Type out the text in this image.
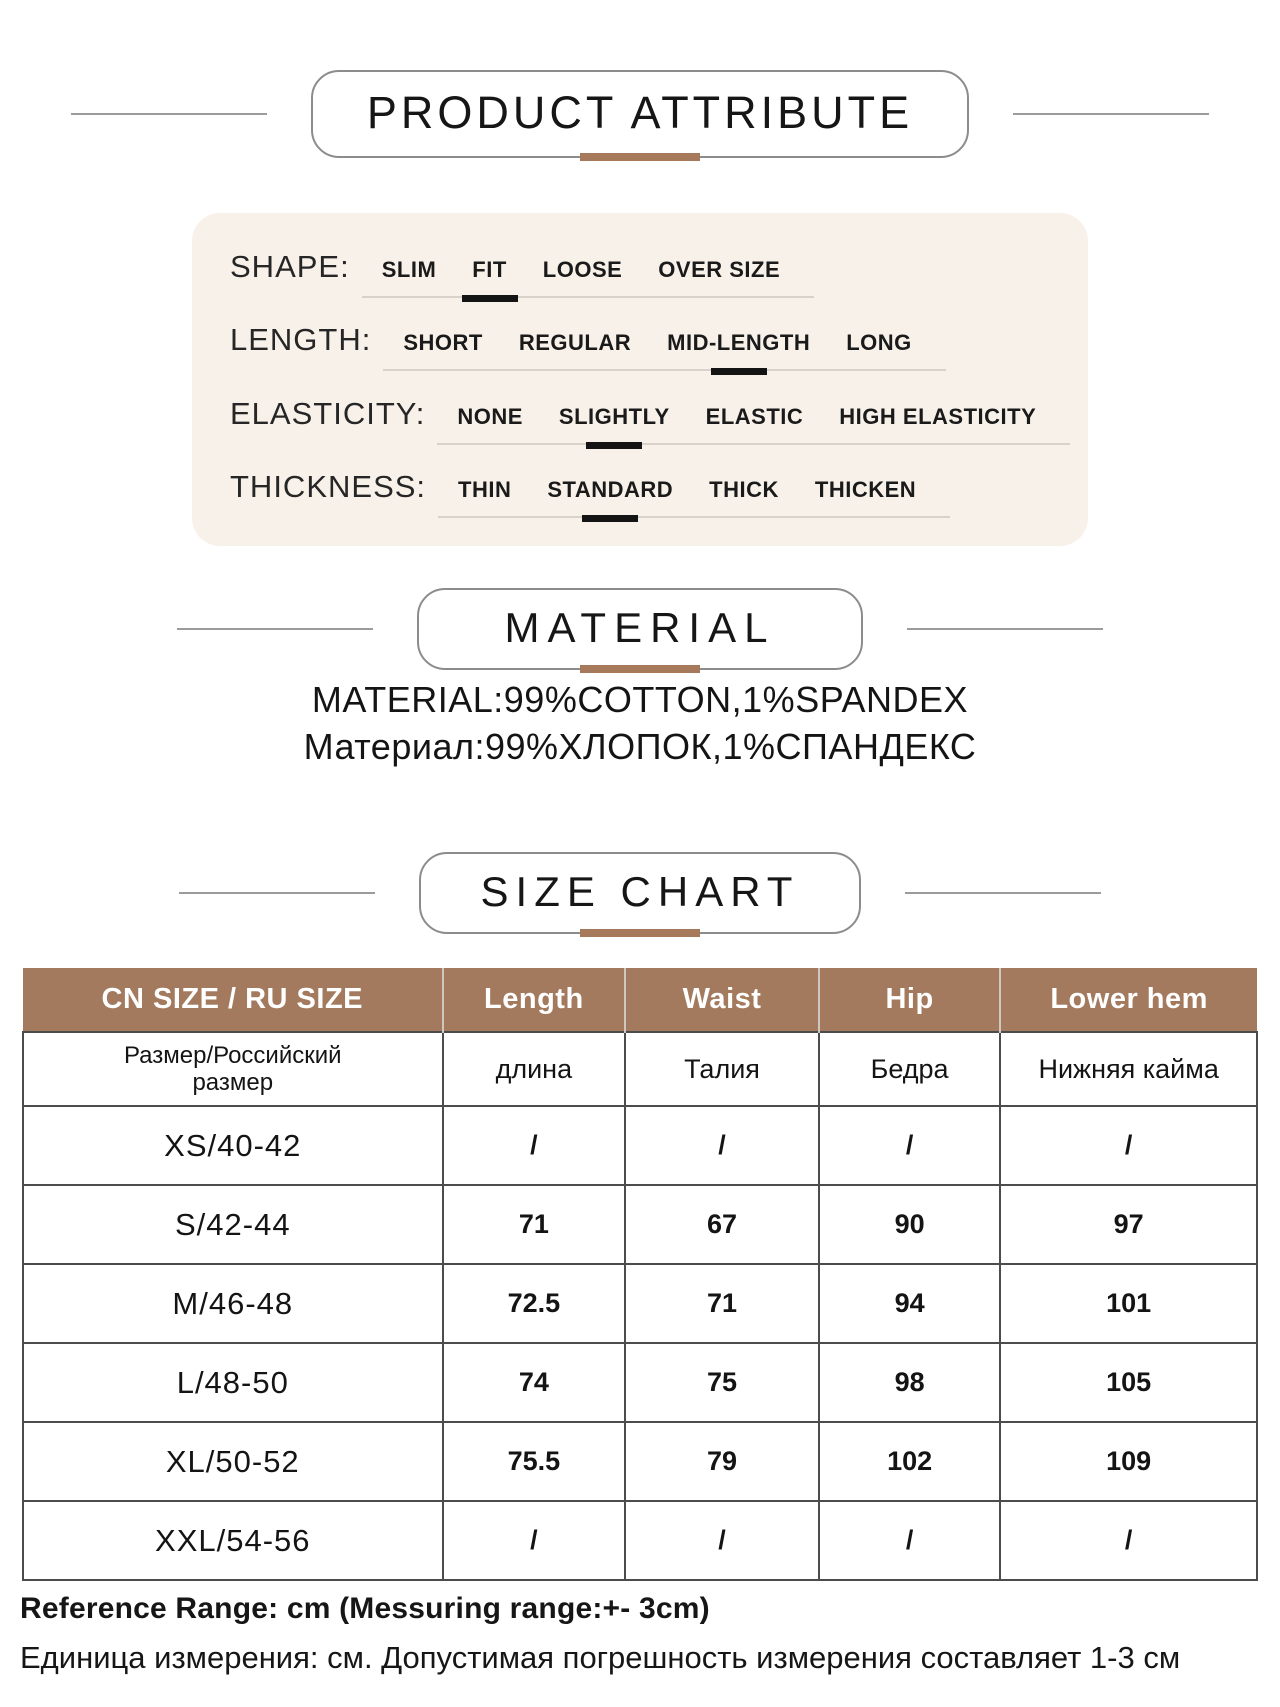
PRODUCT ATTRIBUTE
SHAPE: SLIM FIT LOOSE OVER SIZE
LENGTH: SHORT REGULAR MID-LENGTH LONG
ELASTICITY: NONE SLIGHTLY ELASTIC HIGH ELASTICITY
THICKNESS: THIN STANDARD THICK THICKEN
MATERIAL
MATERIAL:99%COTTON,1%SPANDEX
Материал:99%ХЛОПОК,1%СПАНДЕКС
SIZE CHART
CN SIZE / RU SIZE	Length	Waist	Hip	Lower hem
Размер/Российский размер	длина	Талия	Бедра	Нижняя кайма
XS/40-42	/	/	/	/
S/42-44	71	67	90	97
M/46-48	72.5	71	94	101
L/48-50	74	75	98	105
XL/50-52	75.5	79	102	109
XXL/54-56	/	/	/	/
Reference Range: cm (Messuring range:+- 3cm)
Единица измерения: см. Допустимая погрешность измерения составляет 1-3 см
